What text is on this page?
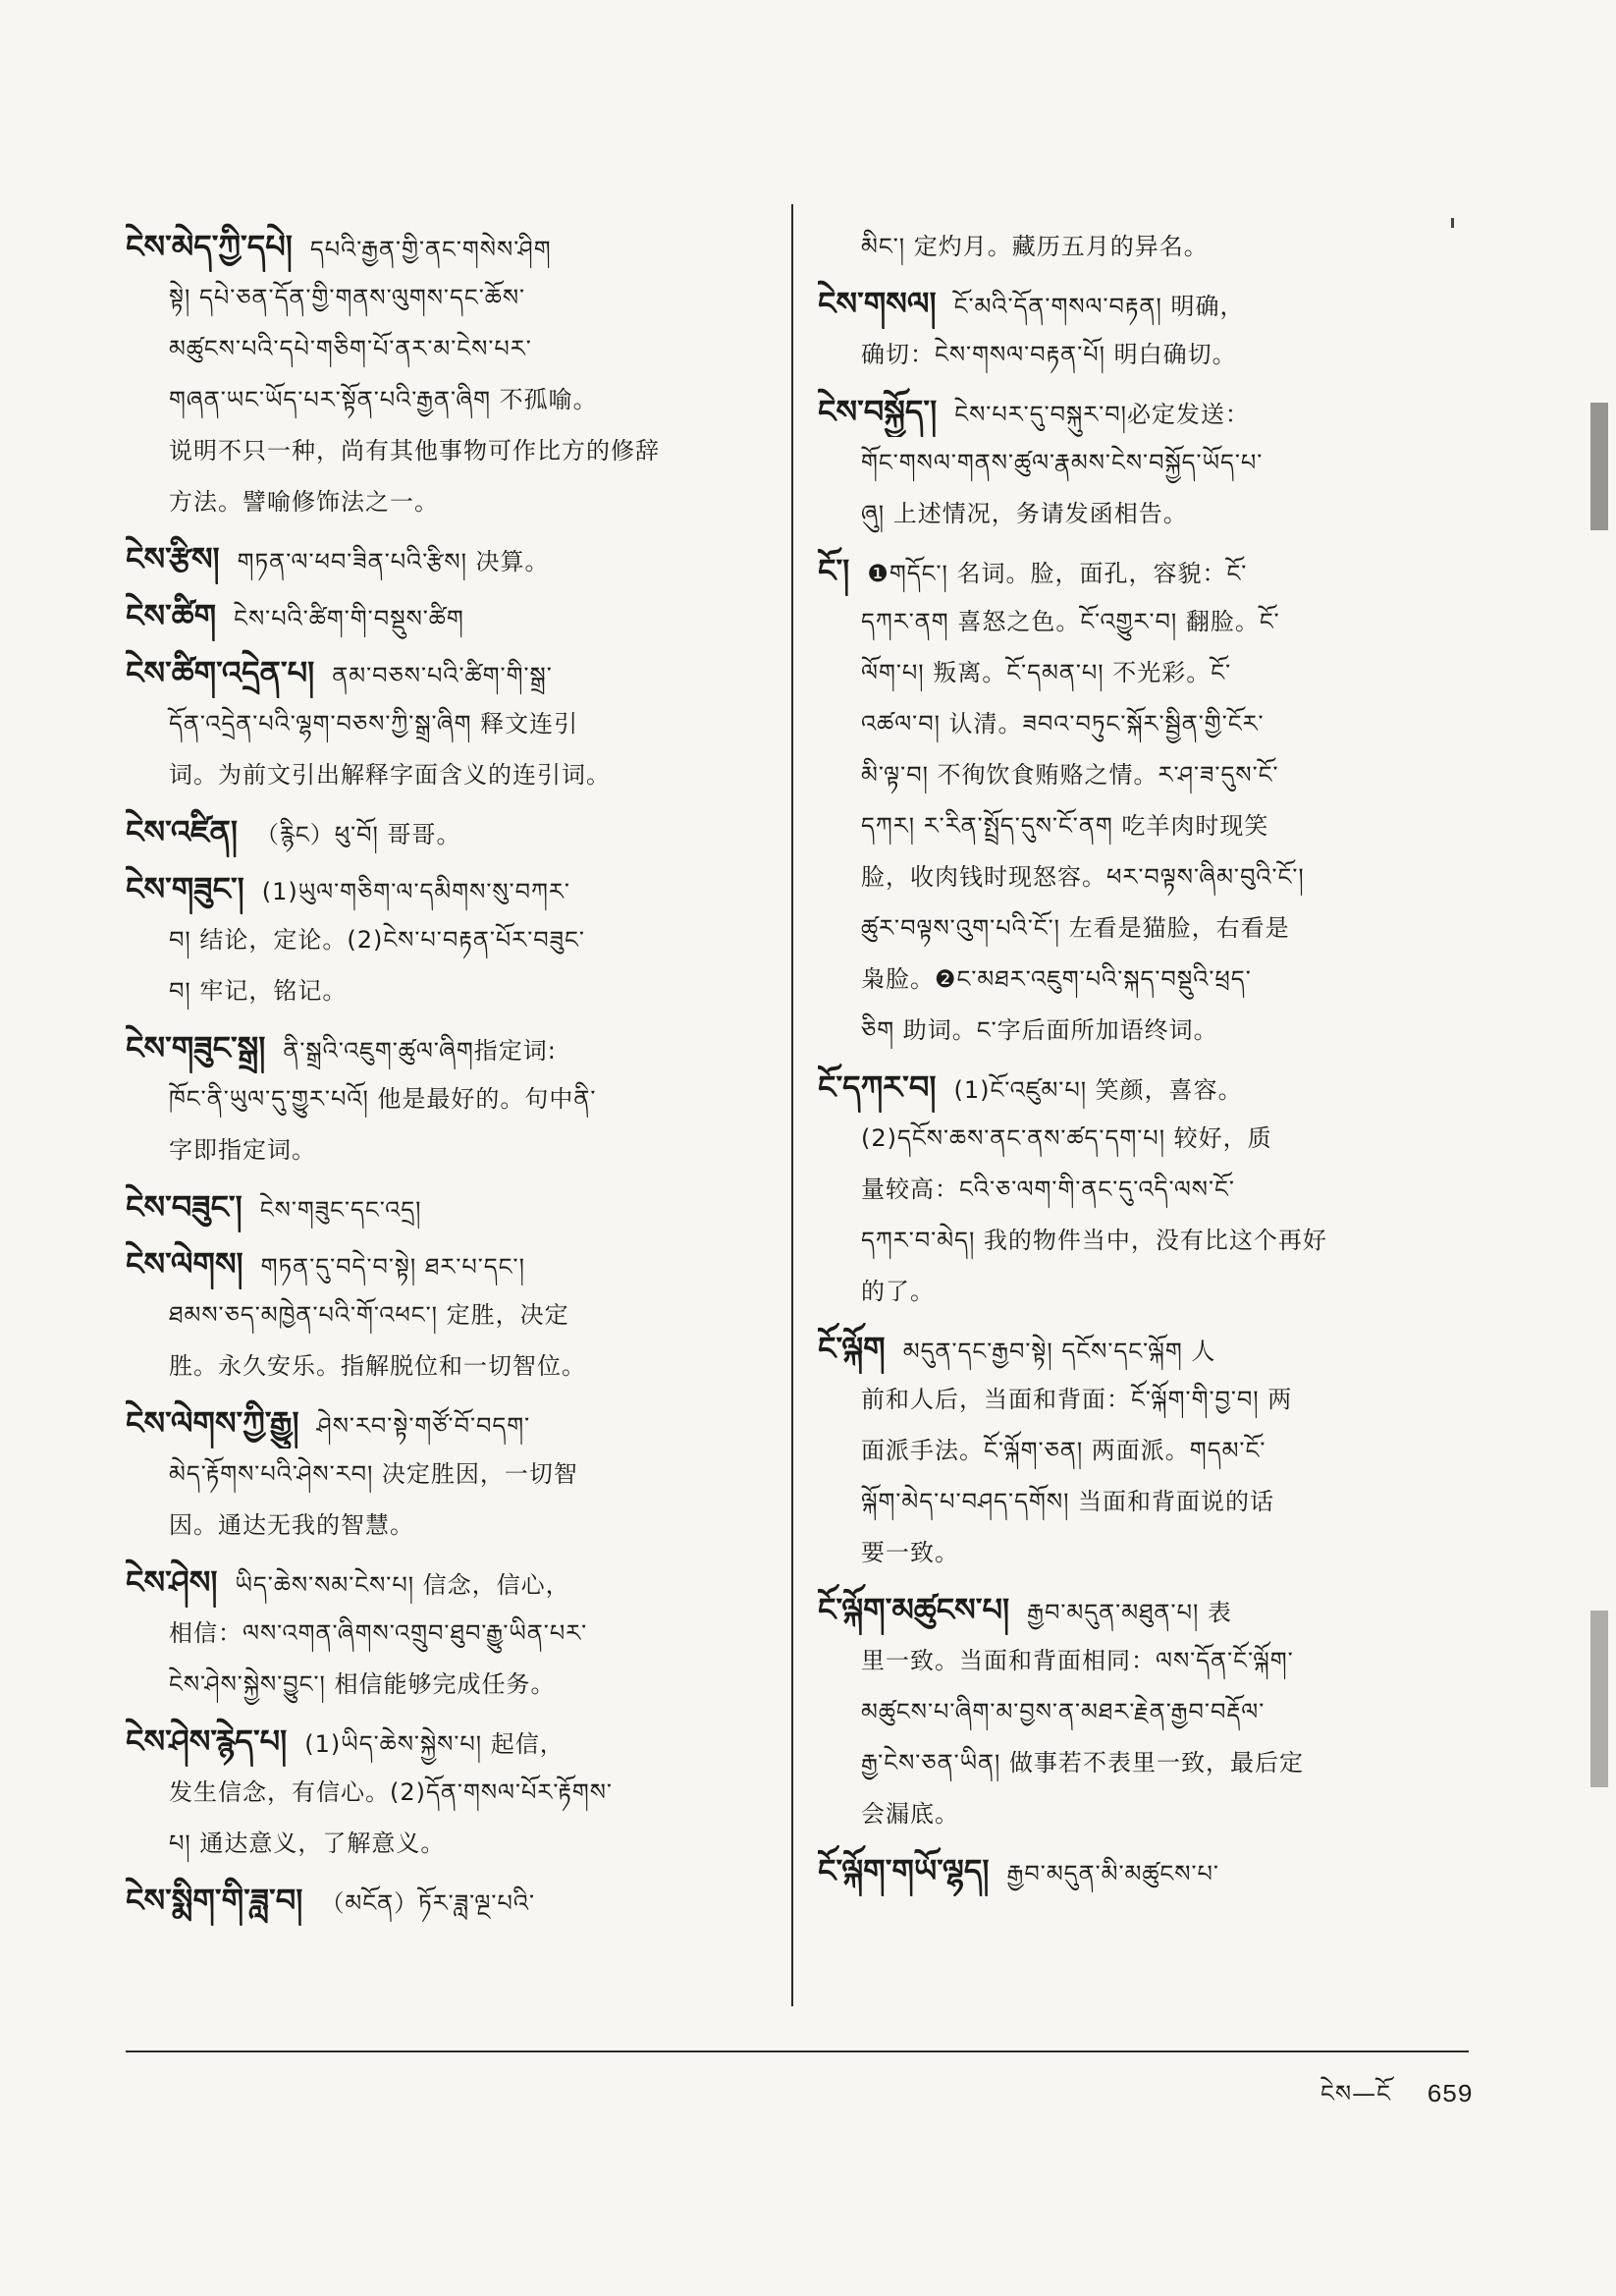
ངེས་མེད་ཀྱི་དཔེ། དཔའི་རྒྱན་གྱི་ནང་གསེས་ཤིག
སྟེ། དཔེ་ཅན་དོན་གྱི་གནས་ལུགས་དང་ཆོས་
མཚུངས་པའི་དཔེ་གཅིག་པོ་ནར་མ་ངེས་པར་
གཞན་ཡང་ཡོད་པར་སྟོན་པའི་རྒྱན་ཞིག 不孤喻。
说明不只一种，尚有其他事物可作比方的修辞
方法。譬喻修饰法之一。
ངེས་རྩིས། གཏན་ལ་ཕབ་ཟིན་པའི་རྩིས། 决算。
ངེས་ཚིག ངེས་པའི་ཚིག་གི་བསྡུས་ཚིག
ངེས་ཚིག་འདྲེན་པ། ནམ་བཅས་པའི་ཚིག་གི་སྒྲ་
དོན་འདྲེན་པའི་ལྷག་བཅས་ཀྱི་སྒྲ་ཞིག 释文连引
词。为前文引出解释字面含义的连引词。
ངེས་འཛིན། （རྙིང）ཕུ་བོ། 哥哥。
ངེས་གཟུང་། (1)ཡུལ་གཅིག་ལ་དམིགས་སུ་བཀར་
བ། 结论，定论。(2)ངེས་པ་བརྟན་པོར་བཟུང་
བ། 牢记，铭记。
ངེས་གཟུང་སྒྲ། ནི་སྒྲའི་འཇུག་ཚུལ་ཞིག指定词:
ཁོང་ནི་ཡུལ་དུ་གྱུར་པའོ། 他是最好的。句中ནི་
字即指定词。
ངེས་བཟུང་། ངེས་གཟུང་དང་འདྲ།
ངེས་ལེགས། གཏན་དུ་བདེ་བ་སྟེ། ཐར་པ་དང་།
ཐམས་ཅད་མཁྱེན་པའི་གོ་འཕང་། 定胜，决定
胜。永久安乐。指解脱位和一切智位。
ངེས་ལེགས་ཀྱི་རྒྱུ། ཤེས་རབ་སྟེ་གཙོ་བོ་བདག་
མེད་རྟོགས་པའི་ཤེས་རབ། 决定胜因，一切智
因。通达无我的智慧。
ངེས་ཤེས། ཡིད་ཆེས་སམ་ངེས་པ། 信念，信心，
相信：ལས་འགན་ཞིགས་འགྲུབ་ཐུབ་རྒྱུ་ཡིན་པར་
ངེས་ཤེས་སྐྱེས་བྱུང་། 相信能够完成任务。
ངེས་ཤེས་རྙེད་པ། (1)ཡིད་ཆེས་སྐྱེས་པ། 起信，
发生信念，有信心。(2)དོན་གསལ་པོར་རྟོགས་
པ། 通达意义，了解意义。
ངེས་སྨིག་གི་ཟླ་བ། （མངོན）ཏོར་ཟླ་ལྔ་པའི་
མིང་། 定灼月。藏历五月的异名。
ངེས་གསལ། ངོ་མའི་དོན་གསལ་བརྟན། 明确，
确切：ངེས་གསལ་བརྟན་པོ། 明白确切。
ངེས་བསྐྱོད་། ངེས་པར་དུ་བསྐུར་བ།必定发送：
གོང་གསལ་གནས་ཚུལ་རྣམས་ངེས་བསྐྱོད་ཡོད་པ་
ཞུ། 上述情况，务请发函相告。
ངོ་། ❶གདོང་། 名词。脸，面孔，容貌：ངོ་
དཀར་ནག 喜怒之色。ངོ་འགྱུར་བ། 翻脸。ངོ་
ལོག་པ། 叛离。ངོ་དམན་པ། 不光彩。ངོ་
འཚལ་བ། 认清。ཟབའ་བཏུང་སྐོར་སྦྱིན་གྱི་ངོར་
མི་ལྟ་བ། 不徇饮食贿赂之情。ར་ཤ་ཟ་དུས་ངོ་
དཀར། ར་རིན་སྤྲོད་དུས་ངོ་ནག 吃羊肉时现笑
脸，收肉钱时现怒容。ཕར་བལྟས་ཞིམ་བུའི་ངོ་།
ཚུར་བལྟས་འུག་པའི་ངོ་། 左看是猫脸，右看是
枭脸。❷ང་མཐར་འཇུག་པའི་སྐད་བསྡུའི་ཕྲད་
ཅིག 助词。ང་字后面所加语终词。
ངོ་དཀར་བ། (1)ངོ་འཛུམ་པ། 笑颜，喜容。
(2)དངོས་ཆས་ནང་ནས་ཚད་དག་པ། 较好，质
量较高：ངའི་ཅ་ལག་གི་ནང་དུ་འདི་ལས་ངོ་
དཀར་བ་མེད། 我的物件当中，没有比这个再好
的了。
ངོ་ལྐོག མདུན་དང་རྒྱབ་སྟེ། དངོས་དང་ལྐོག 人
前和人后，当面和背面：ངོ་ལྐོག་གི་བྱ་བ། 两
面派手法。ངོ་ལྐོག་ཅན། 两面派。གདམ་ངོ་
ལྐོག་མེད་པ་བཤད་དགོས། 当面和背面说的话
要一致。
ངོ་ལྐོག་མཚུངས་པ། རྒྱབ་མདུན་མཐུན་པ། 表
里一致。当面和背面相同：ལས་དོན་ངོ་ལྐོག་
མཚུངས་པ་ཞིག་མ་བྱས་ན་མཐར་རྗེན་རྒྱབ་བརྡོལ་
རྒྱ་ངེས་ཅན་ཡིན། 做事若不表里一致，最后定
会漏底。
ངོ་ལྐོག་གཡོ་ལྷད། རྒྱབ་མདུན་མི་མཚུངས་པ་
ངེས—ངོ 659
